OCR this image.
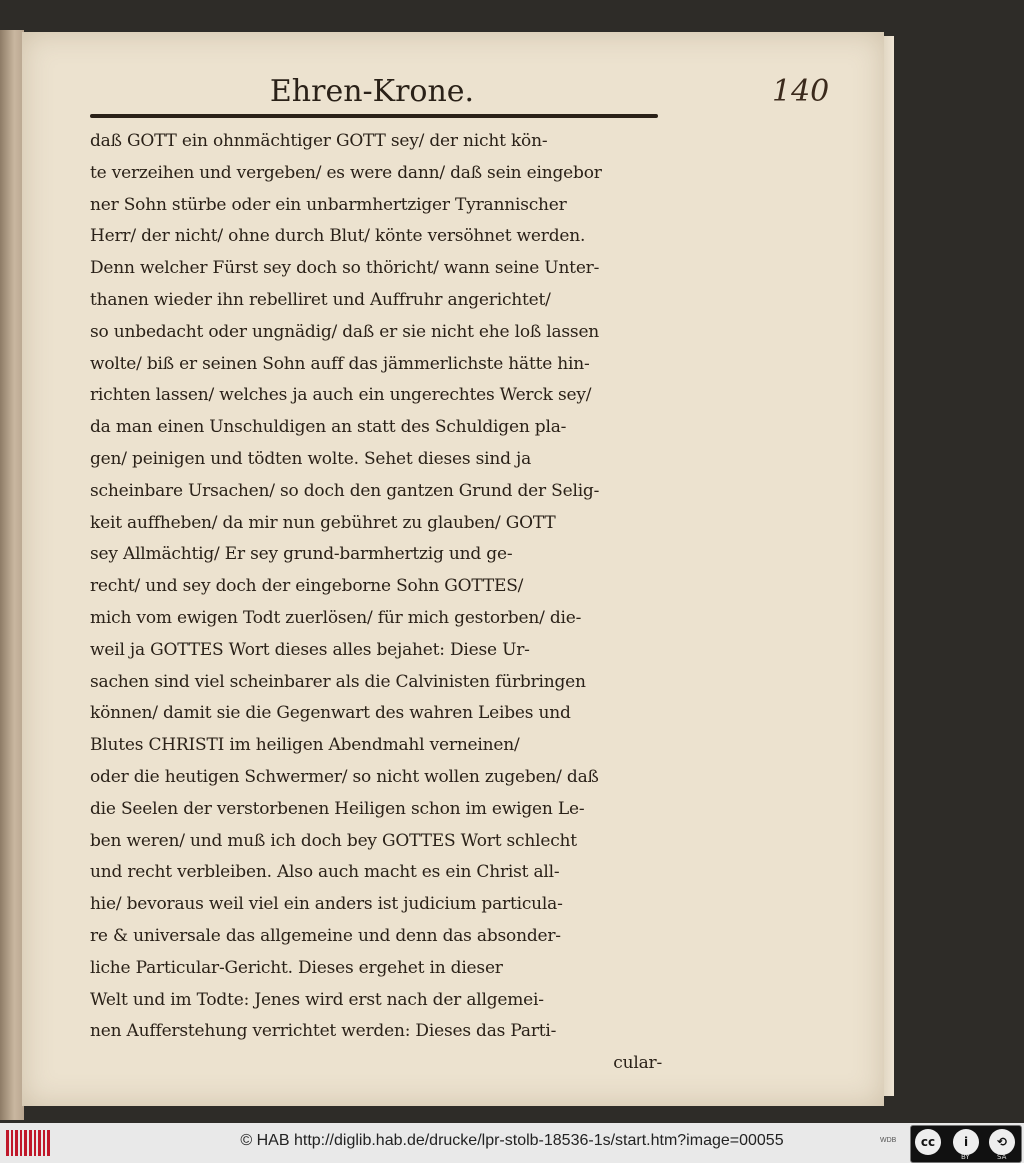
Ehren-Krone.	140
daß GOTT ein ohnmächtiger GOTT sey/ der nicht kön-
te verzeihen und vergeben/ es were dann/ daß sein eingebor
ner Sohn stürbe oder ein unbarmhertziger Tyrannischer
Herr/ der nicht/ ohne durch Blut/ könte versöhnet werden.
Denn welcher Fürst sey doch so thöricht/ wann seine Unter-
thanen wieder ihn rebelliret und Auffruhr angerichtet/
so unbedacht oder ungnädig/ daß er sie nicht ehe loß lassen
wolte/ biß er seinen Sohn auff das jämmerlichste hätte hin-
richten lassen/ welches ja auch ein ungerechtes Werck sey/
da man einen Unschuldigen an statt des Schuldigen pla-
gen/ peinigen und tödten wolte. Sehet dieses sind ja
scheinbare Ursachen/ so doch den gantzen Grund der Selig-
keit auffheben/ da mir nun gebühret zu glauben/ GOTT
sey Allmächtig/ Er sey grund-barmhertzig und ge-
recht/ und sey doch der eingeborne Sohn GOTTES/
mich vom ewigen Todt zuerlösen/ für mich gestorben/ die-
weil ja GOTTES Wort dieses alles bejahet: Diese Ur-
sachen sind viel scheinbarer als die Calvinisten fürbringen
können/ damit sie die Gegenwart des wahren Leibes und
Blutes CHRISTI im heiligen Abendmahl verneinen/
oder die heutigen Schwermer/ so nicht wollen zugeben/ daß
die Seelen der verstorbenen Heiligen schon im ewigen Le-
ben weren/ und muß ich doch bey GOTTES Wort schlecht
und recht verbleiben. Also auch macht es ein Christ all-
hie/ bevoraus weil viel ein anders ist judicium particula-
re & universale das allgemeine und denn das absonder-
liche Particular-Gericht. Dieses ergehet in dieser
Welt und im Todte: Jenes wird erst nach der allgemei-
nen Aufferstehung verrichtet werden: Dieses das Parti-
cular-
© HAB http://diglib.hab.de/drucke/lpr-stolb-18536-1s/start.htm?image=00055	WDB	cc	i	⟲
BY	SA
